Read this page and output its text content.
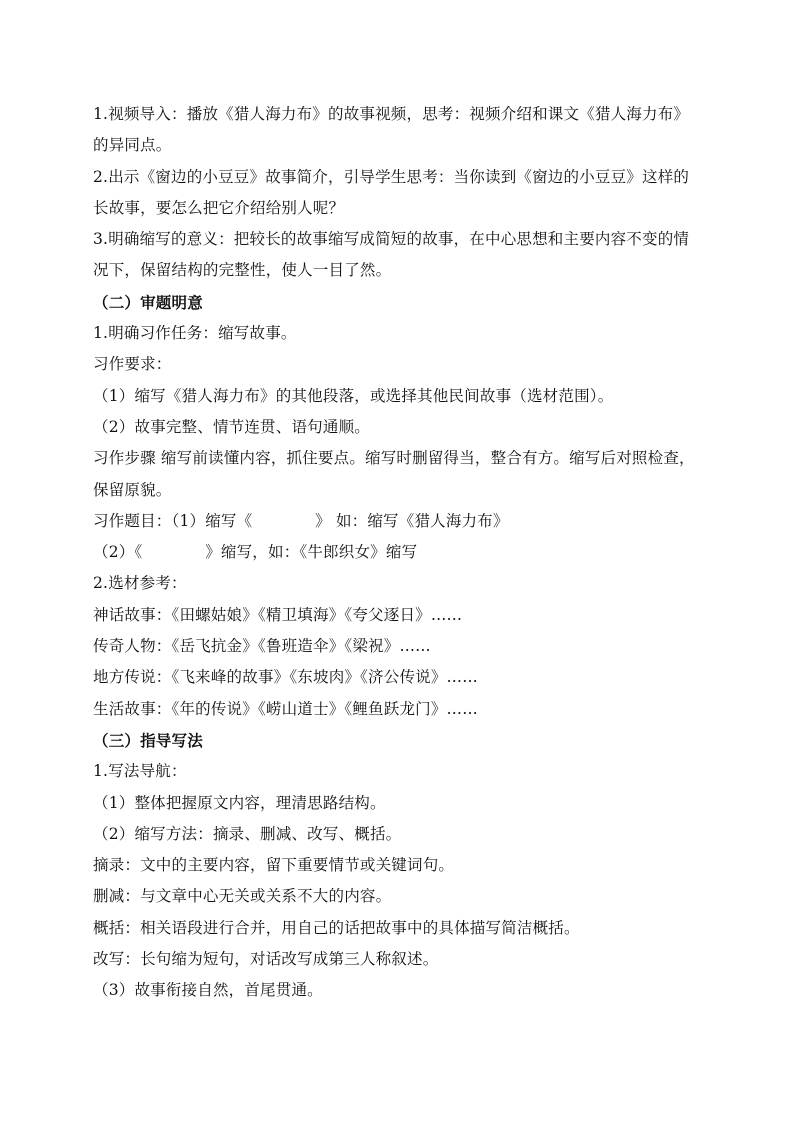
1.视频导入：播放《猎人海力布》的故事视频，思考：视频介绍和课文《猎人海力布》
的异同点。
2.出示《窗边的小豆豆》故事简介，引导学生思考：当你读到《窗边的小豆豆》这样的
长故事，要怎么把它介绍给别人呢？
3.明确缩写的意义：把较长的故事缩写成简短的故事，在中心思想和主要内容不变的情
况下，保留结构的完整性，使人一目了然。
（二）审题明意
1.明确习作任务：缩写故事。
习作要求：
（1）缩写《猎人海力布》的其他段落，或选择其他民间故事（选材范围）。
（2）故事完整、情节连贯、语句通顺。
习作步骤 缩写前读懂内容，抓住要点。缩写时删留得当，整合有方。缩写后对照检查，
保留原貌。
习作题目：（1）缩写《　　　　》 如：缩写《猎人海力布》
（2）《　　　　》缩写，如：《牛郎织女》缩写
2.选材参考：
神话故事：《田螺姑娘》《精卫填海》《夸父逐日》……
传奇人物：《岳飞抗金》《鲁班造伞》《梁祝》……
地方传说：《飞来峰的故事》《东坡肉》《济公传说》……
生活故事：《年的传说》《崂山道士》《鲤鱼跃龙门》……
（三）指导写法
1.写法导航：
（1）整体把握原文内容，理清思路结构。
（2）缩写方法：摘录、删减、改写、概括。
摘录：文中的主要内容，留下重要情节或关键词句。
删减：与文章中心无关或关系不大的内容。
概括：相关语段进行合并，用自己的话把故事中的具体描写简洁概括。
改写：长句缩为短句，对话改写成第三人称叙述。
（3）故事衔接自然，首尾贯通。
